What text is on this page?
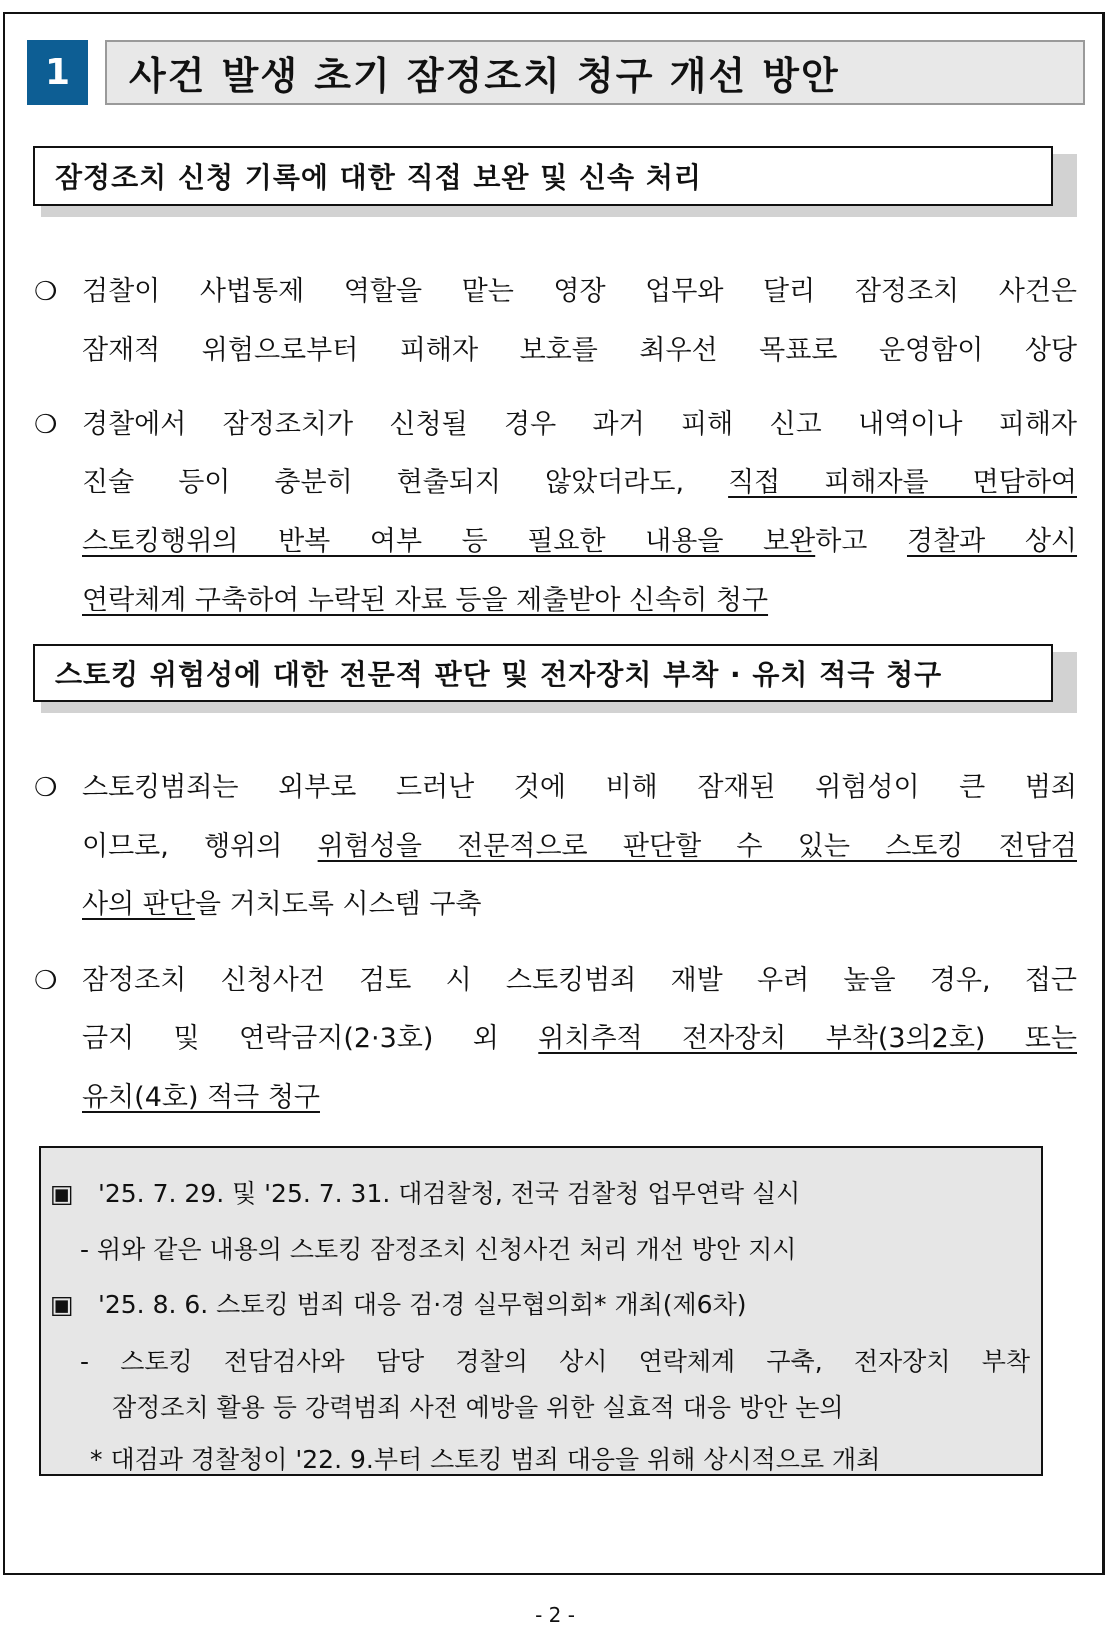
1	사건 발생 초기 잠정조치 청구 개선 방안
잠정조치 신청 기록에 대한 직접 보완 및 신속 처리
스토킹 위험성에 대한 전문적 판단 및 전자장치 부착 · 유치 적극 청구
❍ 검찰이 사법통제 역할을 맡는 영장 업무와 달리 잠정조치 사건은
잠재적 위험으로부터 피해자 보호를 최우선 목표로 운영함이 상당
❍ 경찰에서 잠정조치가 신청될 경우 과거 피해 신고 내역이나 피해자
진술 등이 충분히 현출되지 않았더라도, 직접 피해자를 면담하여
스토킹행위의 반복 여부 등 필요한 내용을 보완하고 경찰과 상시
연락체계 구축하여 누락된 자료 등을 제출받아 신속히 청구
❍ 스토킹범죄는 외부로 드러난 것에 비해 잠재된 위험성이 큰 범죄
이므로, 행위의 위험성을 전문적으로 판단할 수 있는 스토킹 전담검
사의 판단을 거치도록 시스템 구축
❍ 잠정조치 신청사건 검토 시 스토킹범죄 재발 우려 높을 경우, 접근
금지 및 연락금지(2·3호) 외 위치추적 전자장치 부착(3의2호) 또는
유치(4호) 적극 청구
▣ '25. 7. 29. 및 '25. 7. 31. 대검찰청, 전국 검찰청 업무연락 실시
- 위와 같은 내용의 스토킹 잠정조치 신청사건 처리 개선 방안 지시
▣ '25. 8. 6. 스토킹 범죄 대응 검·경 실무협의회* 개최(제6차)
- 스토킹 전담검사와 담당 경찰의 상시 연락체계 구축, 전자장치 부착
잠정조치 활용 등 강력범죄 사전 예방을 위한 실효적 대응 방안 논의
* 대검과 경찰청이 '22. 9.부터 스토킹 범죄 대응을 위해 상시적으로 개최
- 2 -
